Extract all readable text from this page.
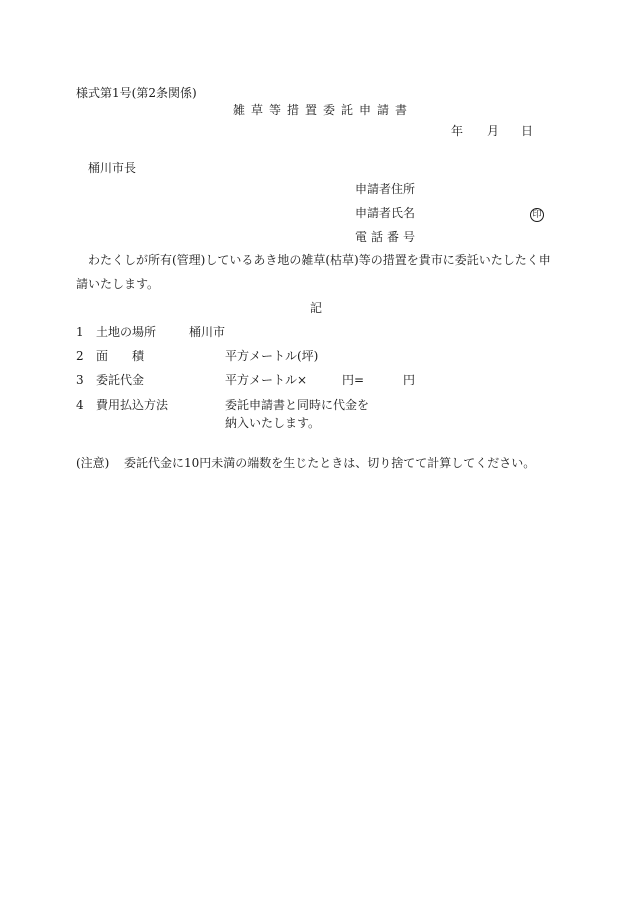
様式第1号(第2条関係)
雑草等措置委託申請書
年 月 日
桶川市長
申請者住所
申請者氏名	印
電話番号
わたくしが所有(管理)しているあき地の雑草(枯草)等の措置を貴市に委託いたしたく申
請いたします。
記
1 土地の場所	桶川市
2 面　　積	平方メートル(坪)
3 委託代金	平方メートル×	円=	円
4 費用払込方法	委託申請書と同時に代金を
納入いたします。
(注意) 委託代金に10円未満の端数を生じたときは、切り捨てて計算してください。
